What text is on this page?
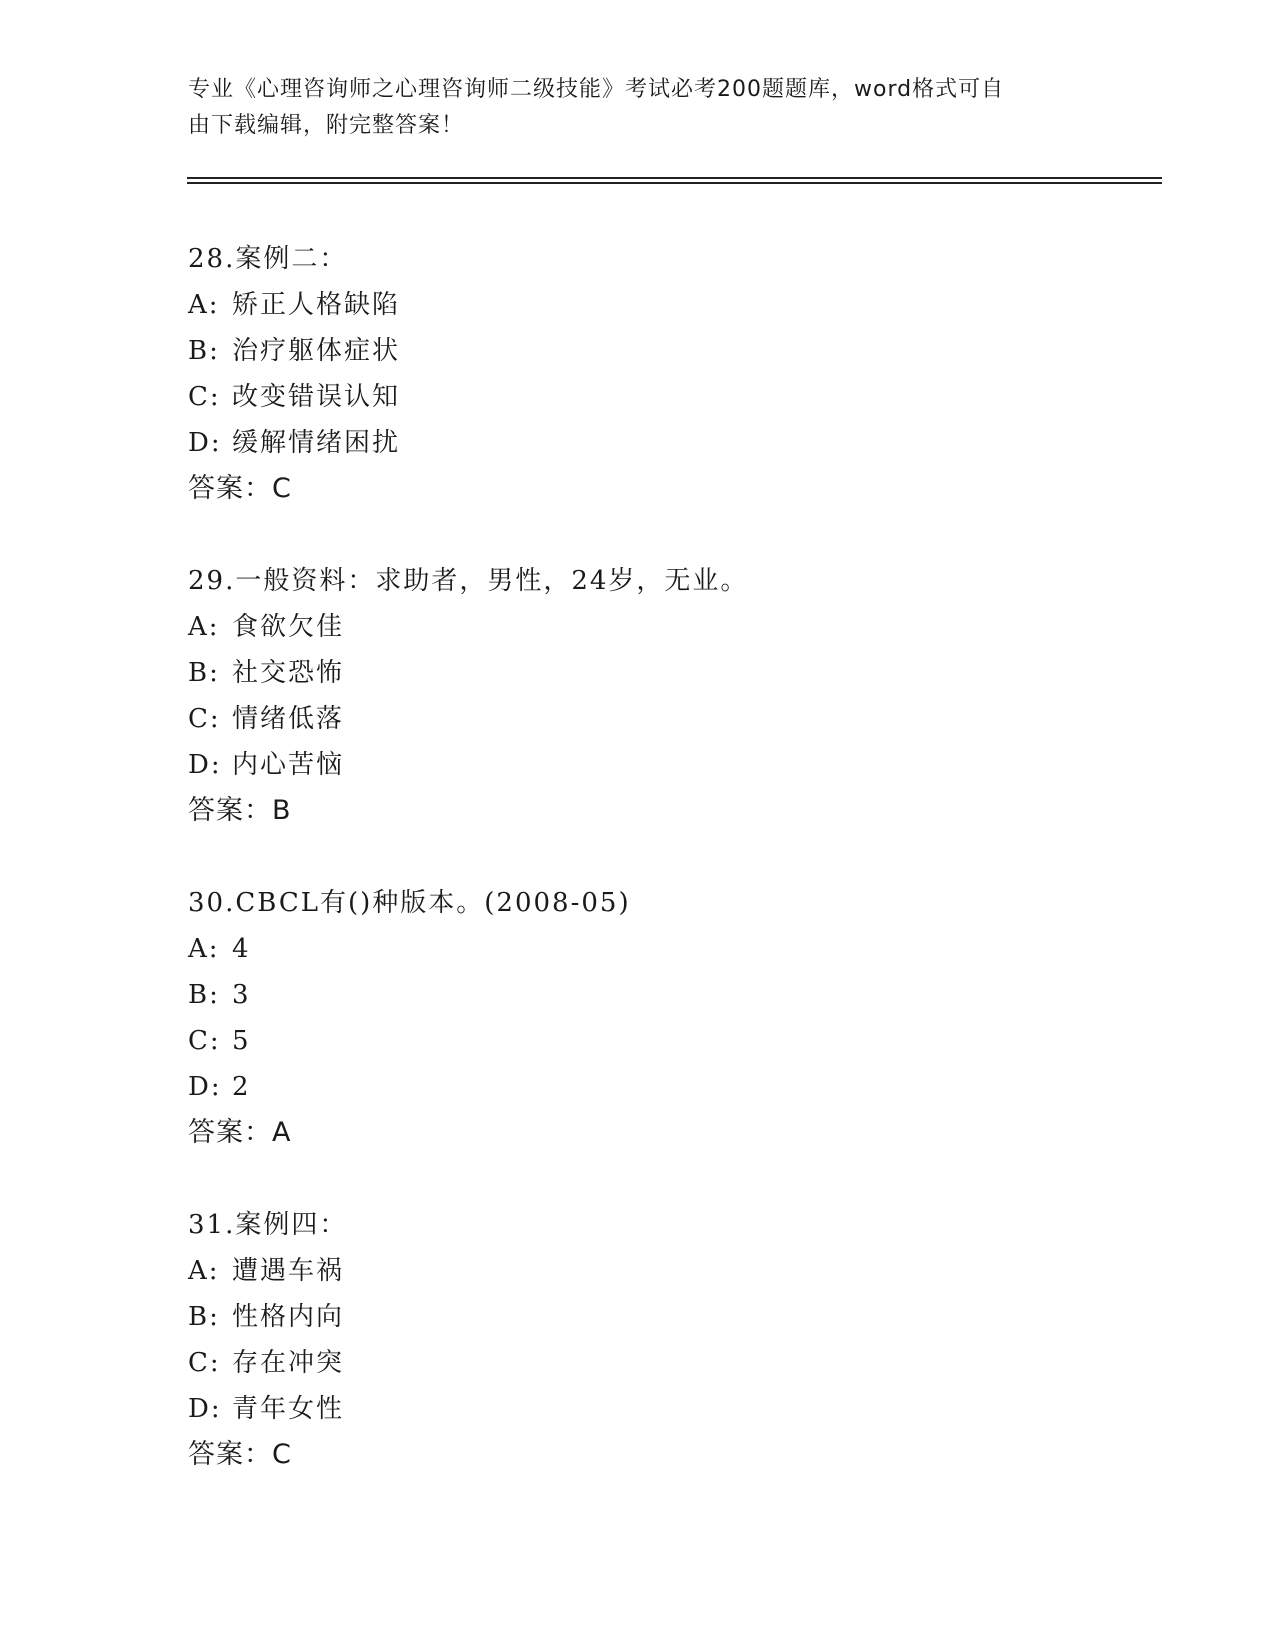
专业《心理咨询师之心理咨询师二级技能》考试必考200题题库，word格式可自
由下载编辑，附完整答案！
28.案例二：
A: 矫正人格缺陷
B: 治疗躯体症状
C: 改变错误认知
D: 缓解情绪困扰
答案：C
29.一般资料：求助者，男性，24岁，无业。
A: 食欲欠佳
B: 社交恐怖
C: 情绪低落
D: 内心苦恼
答案：B
30.CBCL有()种版本。(2008-05)
A: 4
B: 3
C: 5
D: 2
答案：A
31.案例四：
A: 遭遇车祸
B: 性格内向
C: 存在冲突
D: 青年女性
答案：C
